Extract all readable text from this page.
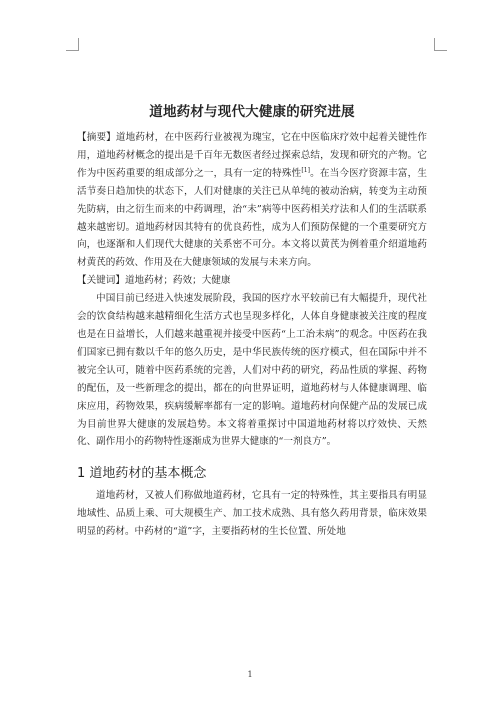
道地药材与现代大健康的研究进展

【摘要】道地药材，在中医药行业被视为瑰宝，它在中医临床疗效中起着关键性作用，道地药材概念的提出是千百年无数医者经过探索总结，发现和研究的产物。它作为中医药重要的组成部分之一，具有一定的特殊性[1]。在当今医疗资源丰富，生活节奏日趋加快的状态下，人们对健康的关注已从单纯的被动治病，转变为主动预先防病，由之衍生而来的中药调理，治“未”病等中医药相关疗法和人们的生活联系越来越密切。道地药材因其特有的优良药性，成为人们预防保健的一个重要研究方向，也逐渐和人们现代大健康的关系密不可分。本文将以黄芪为例着重介绍道地药材黄芪的药效、作用及在大健康领域的发展与未来方向。

【关键词】道地药材；药效；大健康

中国目前已经进入快速发展阶段，我国的医疗水平较前已有大幅提升，现代社会的饮食结构越来越精细化生活方式也呈现多样化，人体自身健康被关注度的程度也是在日益增长，人们越来越重视并接受中医药“上工治未病”的观念。中医药在我们国家已拥有数以千年的悠久历史，是中华民族传统的医疗模式，但在国际中并不被完全认可，随着中医药系统的完善，人们对中药的研究，药品性质的掌握、药物的配伍，及一些新理念的提出，都在的向世界证明，道地药材与人体健康调理、临床应用，药物效果，疾病缓解率都有一定的影响。道地药材向保健产品的发展已成为目前世界大健康的发展趋势。本文将着重探讨中国道地药材将以疗效快、天然化、副作用小的药物特性逐渐成为世界大健康的“一剂良方”。

1 道地药材的基本概念

道地药材，又被人们称做地道药材，它具有一定的特殊性，其主要指具有明显地域性、品质上乘、可大规模生产、加工技术成熟、具有悠久药用背景，临床效果明显的药材。中药材的“道”字，主要指药材的生长位置、所处地

1
